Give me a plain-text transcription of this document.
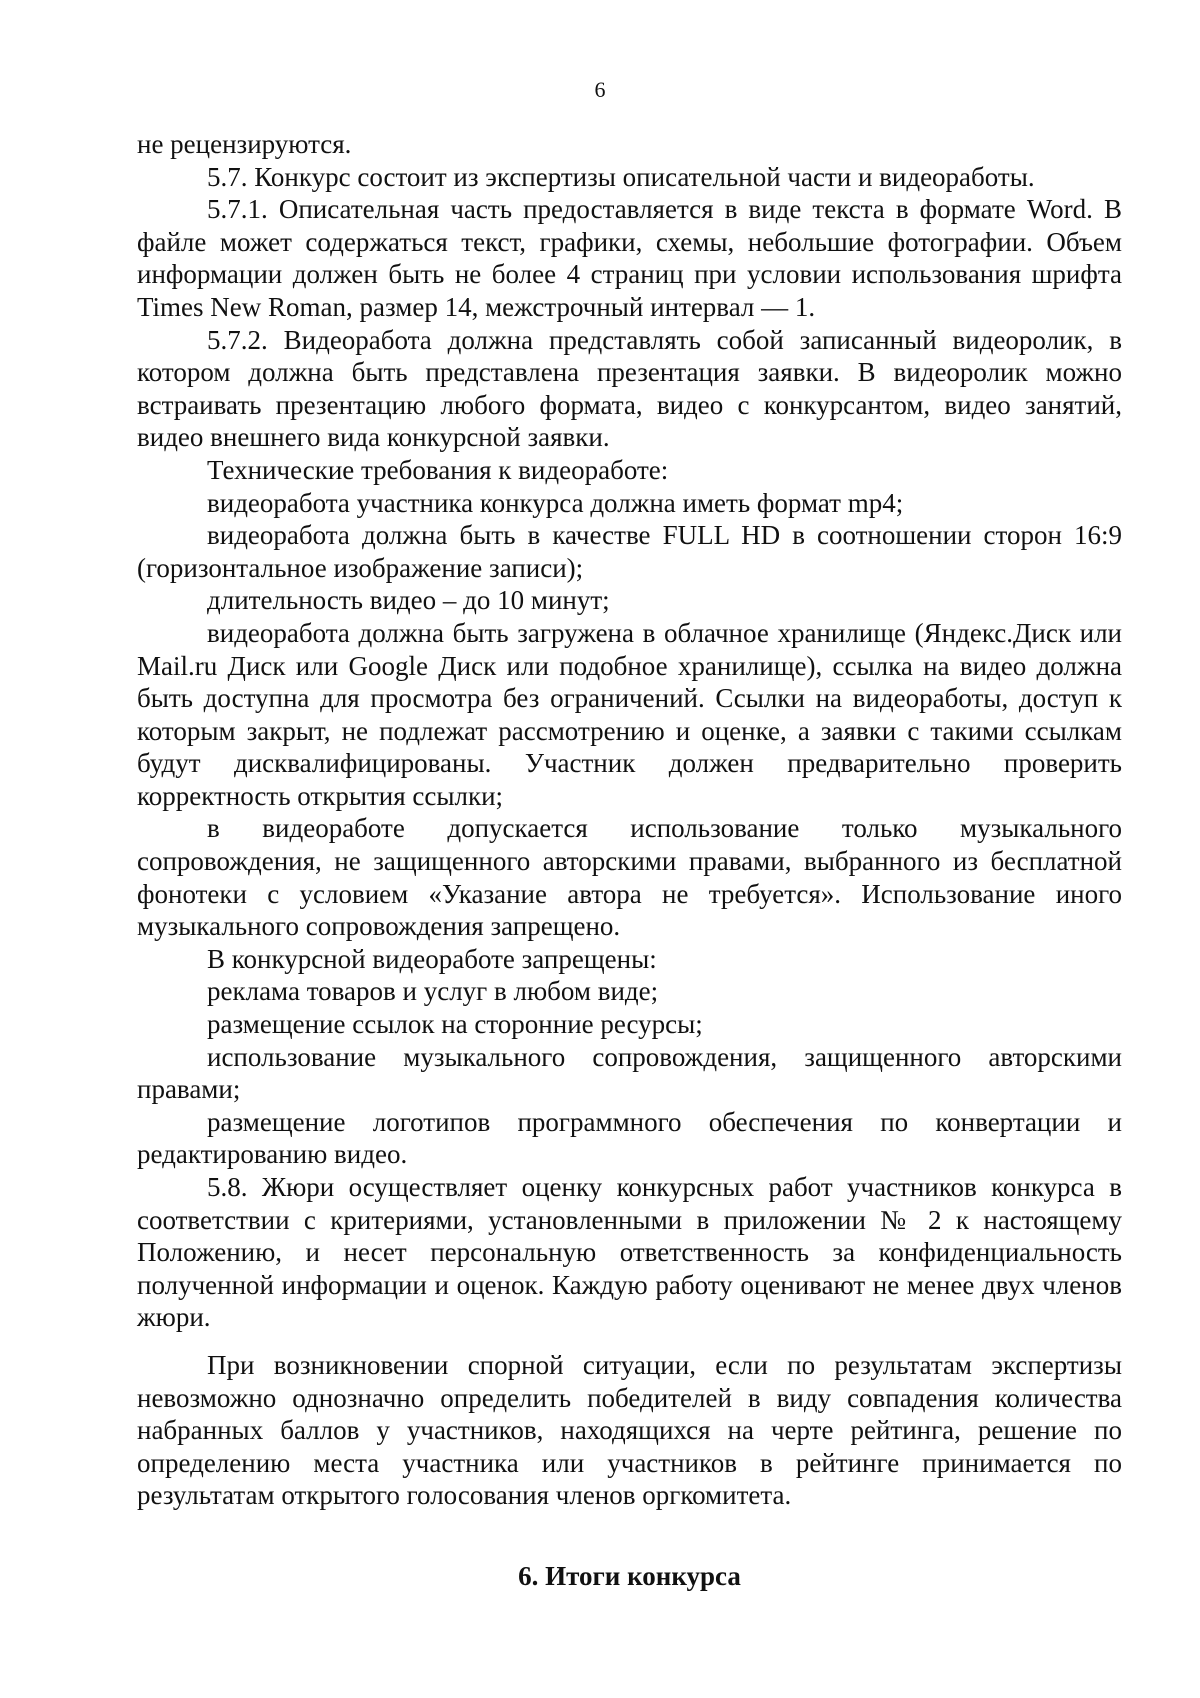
6

не рецензируются.

5.7. Конкурс состоит из экспертизы описательной части и видеоработы.

5.7.1. Описательная часть предоставляется в виде текста в формате Word. В файле может содержаться текст, графики, схемы, небольшие фотографии. Объем информации должен быть не более 4 страниц при условии использования шрифта Times New Roman, размер 14, межстрочный интервал — 1.

5.7.2. Видеоработа должна представлять собой записанный видеоролик, в котором должна быть представлена презентация заявки. В видеоролик можно встраивать презентацию любого формата, видео с конкурсантом, видео занятий, видео внешнего вида конкурсной заявки.

Технические требования к видеоработе:

видеоработа участника конкурса должна иметь формат mp4;

видеоработа должна быть в качестве FULL HD в соотношении сторон 16:9 (горизонтальное изображение записи);

длительность видео – до 10 минут;

видеоработа должна быть загружена в облачное хранилище (Яндекс.Диск или Mail.ru Диск или Google Диск или подобное хранилище), ссылка на видео должна быть доступна для просмотра без ограничений. Ссылки на видеоработы, доступ к которым закрыт, не подлежат рассмотрению и оценке, а заявки с такими ссылкам будут дисквалифицированы. Участник должен предварительно проверить корректность открытия ссылки;

в видеоработе допускается использование только музыкального сопровождения, не защищенного авторскими правами, выбранного из бесплатной фонотеки с условием «Указание автора не требуется». Использование иного музыкального сопровождения запрещено.

В конкурсной видеоработе запрещены:

реклама товаров и услуг в любом виде;

размещение ссылок на сторонние ресурсы;

использование музыкального сопровождения, защищенного авторскими правами;

размещение логотипов программного обеспечения по конвертации и редактированию видео.

5.8. Жюри осуществляет оценку конкурсных работ участников конкурса в соответствии с критериями, установленными в приложении № 2 к настоящему Положению, и несет персональную ответственность за конфиденциальность полученной информации и оценок. Каждую работу оценивают не менее двух членов жюри.

При возникновении спорной ситуации, если по результатам экспертизы невозможно однозначно определить победителей в виду совпадения количества набранных баллов у участников, находящихся на черте рейтинга, решение по определению места участника или участников в рейтинге принимается по результатам открытого голосования членов оргкомитета.

6. Итоги конкурса
